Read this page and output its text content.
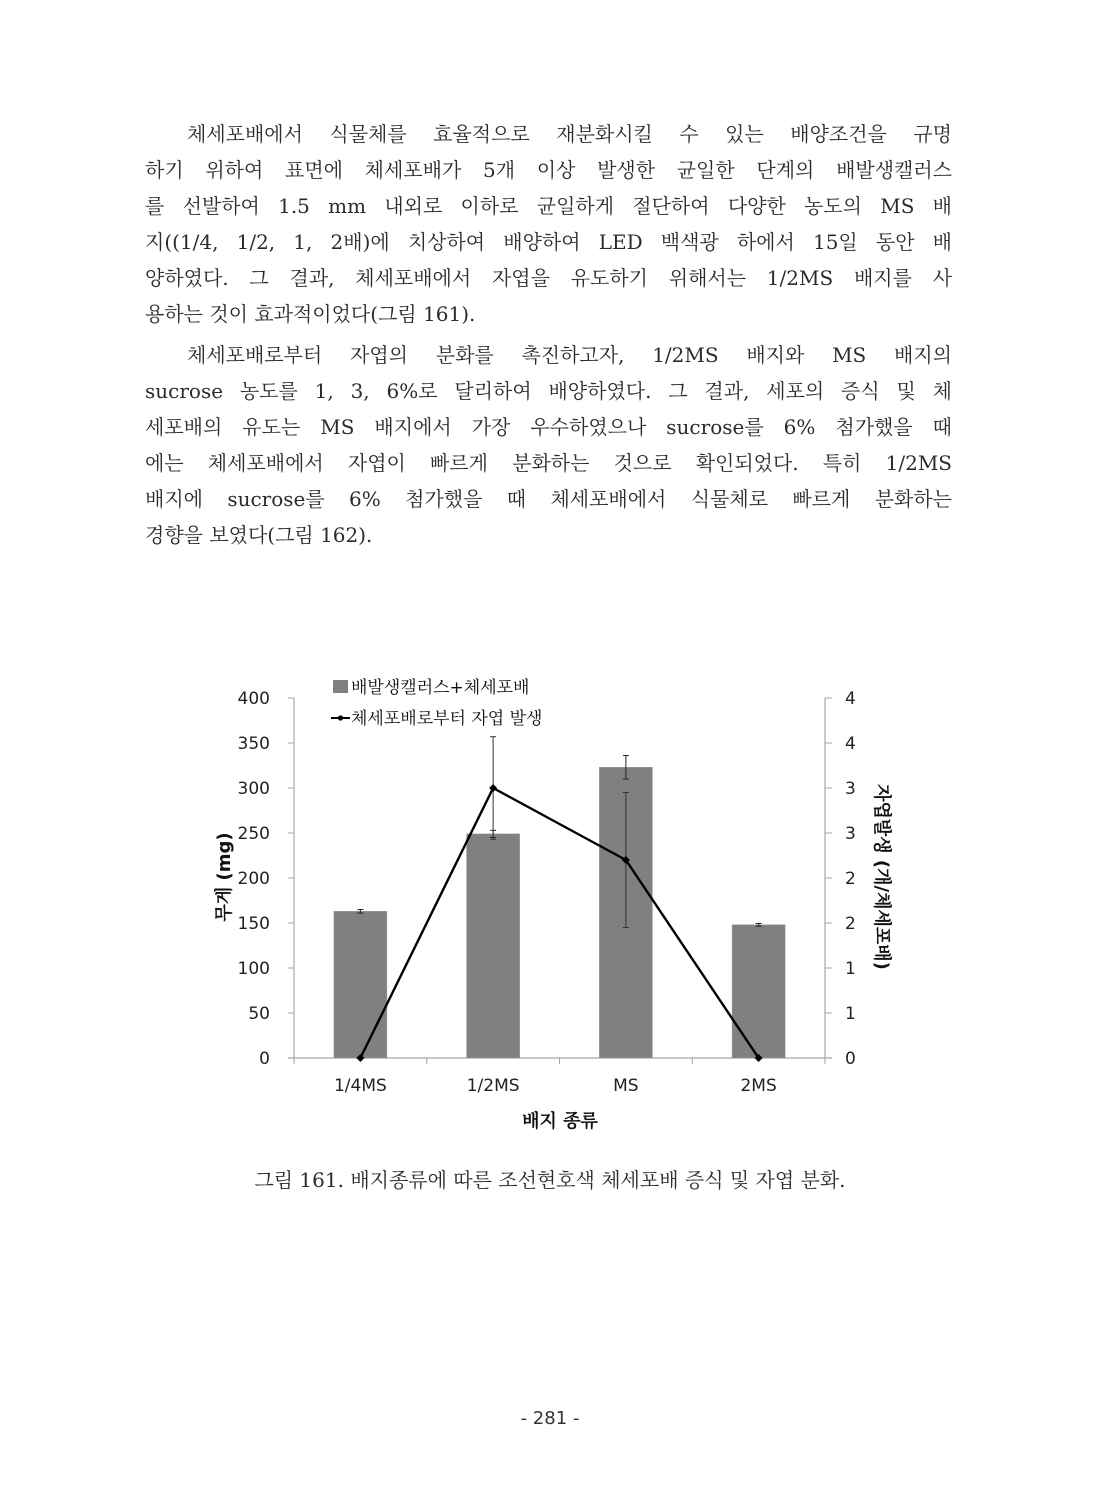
체세포배에서 식물체를 효율적으로 재분화시킬 수 있는 배양조건을 규명
하기 위하여 표면에 체세포배가 5개 이상 발생한 균일한 단계의 배발생캘러스
를 선발하여 1.5 mm 내외로 이하로 균일하게 절단하여 다양한 농도의 MS 배
지((1/4, 1/2, 1, 2배)에 치상하여 배양하여 LED 백색광 하에서 15일 동안 배
양하였다. 그 결과, 체세포배에서 자엽을 유도하기 위해서는 1/2MS 배지를 사
용하는 것이 효과적이었다(그림 161).
체세포배로부터 자엽의 분화를 촉진하고자, 1/2MS 배지와 MS 배지의
sucrose 농도를 1, 3, 6%로 달리하여 배양하였다. 그 결과, 세포의 증식 및 체
세포배의 유도는 MS 배지에서 가장 우수하였으나 sucrose를 6% 첨가했을 때
에는 체세포배에서 자엽이 빠르게 분화하는 것으로 확인되었다. 특히 1/2MS
배지에 sucrose를 6% 첨가했을 때 체세포배에서 식물체로 빠르게 분화하는
경향을 보였다(그림 162).
0
50
100
150
200
250
300
350
400
0
1
1
2
2
3
3
4
4
1/4MS	1/2MS	MS	2MS
배발생캘러스+체세포배
체세포배로부터 자엽 발생
무게 (mg)	자엽발생 (개/체세포배)
배지 종류
그림 161. 배지종류에 따른 조선현호색 체세포배 증식 및 자엽 분화.
- 281 -
